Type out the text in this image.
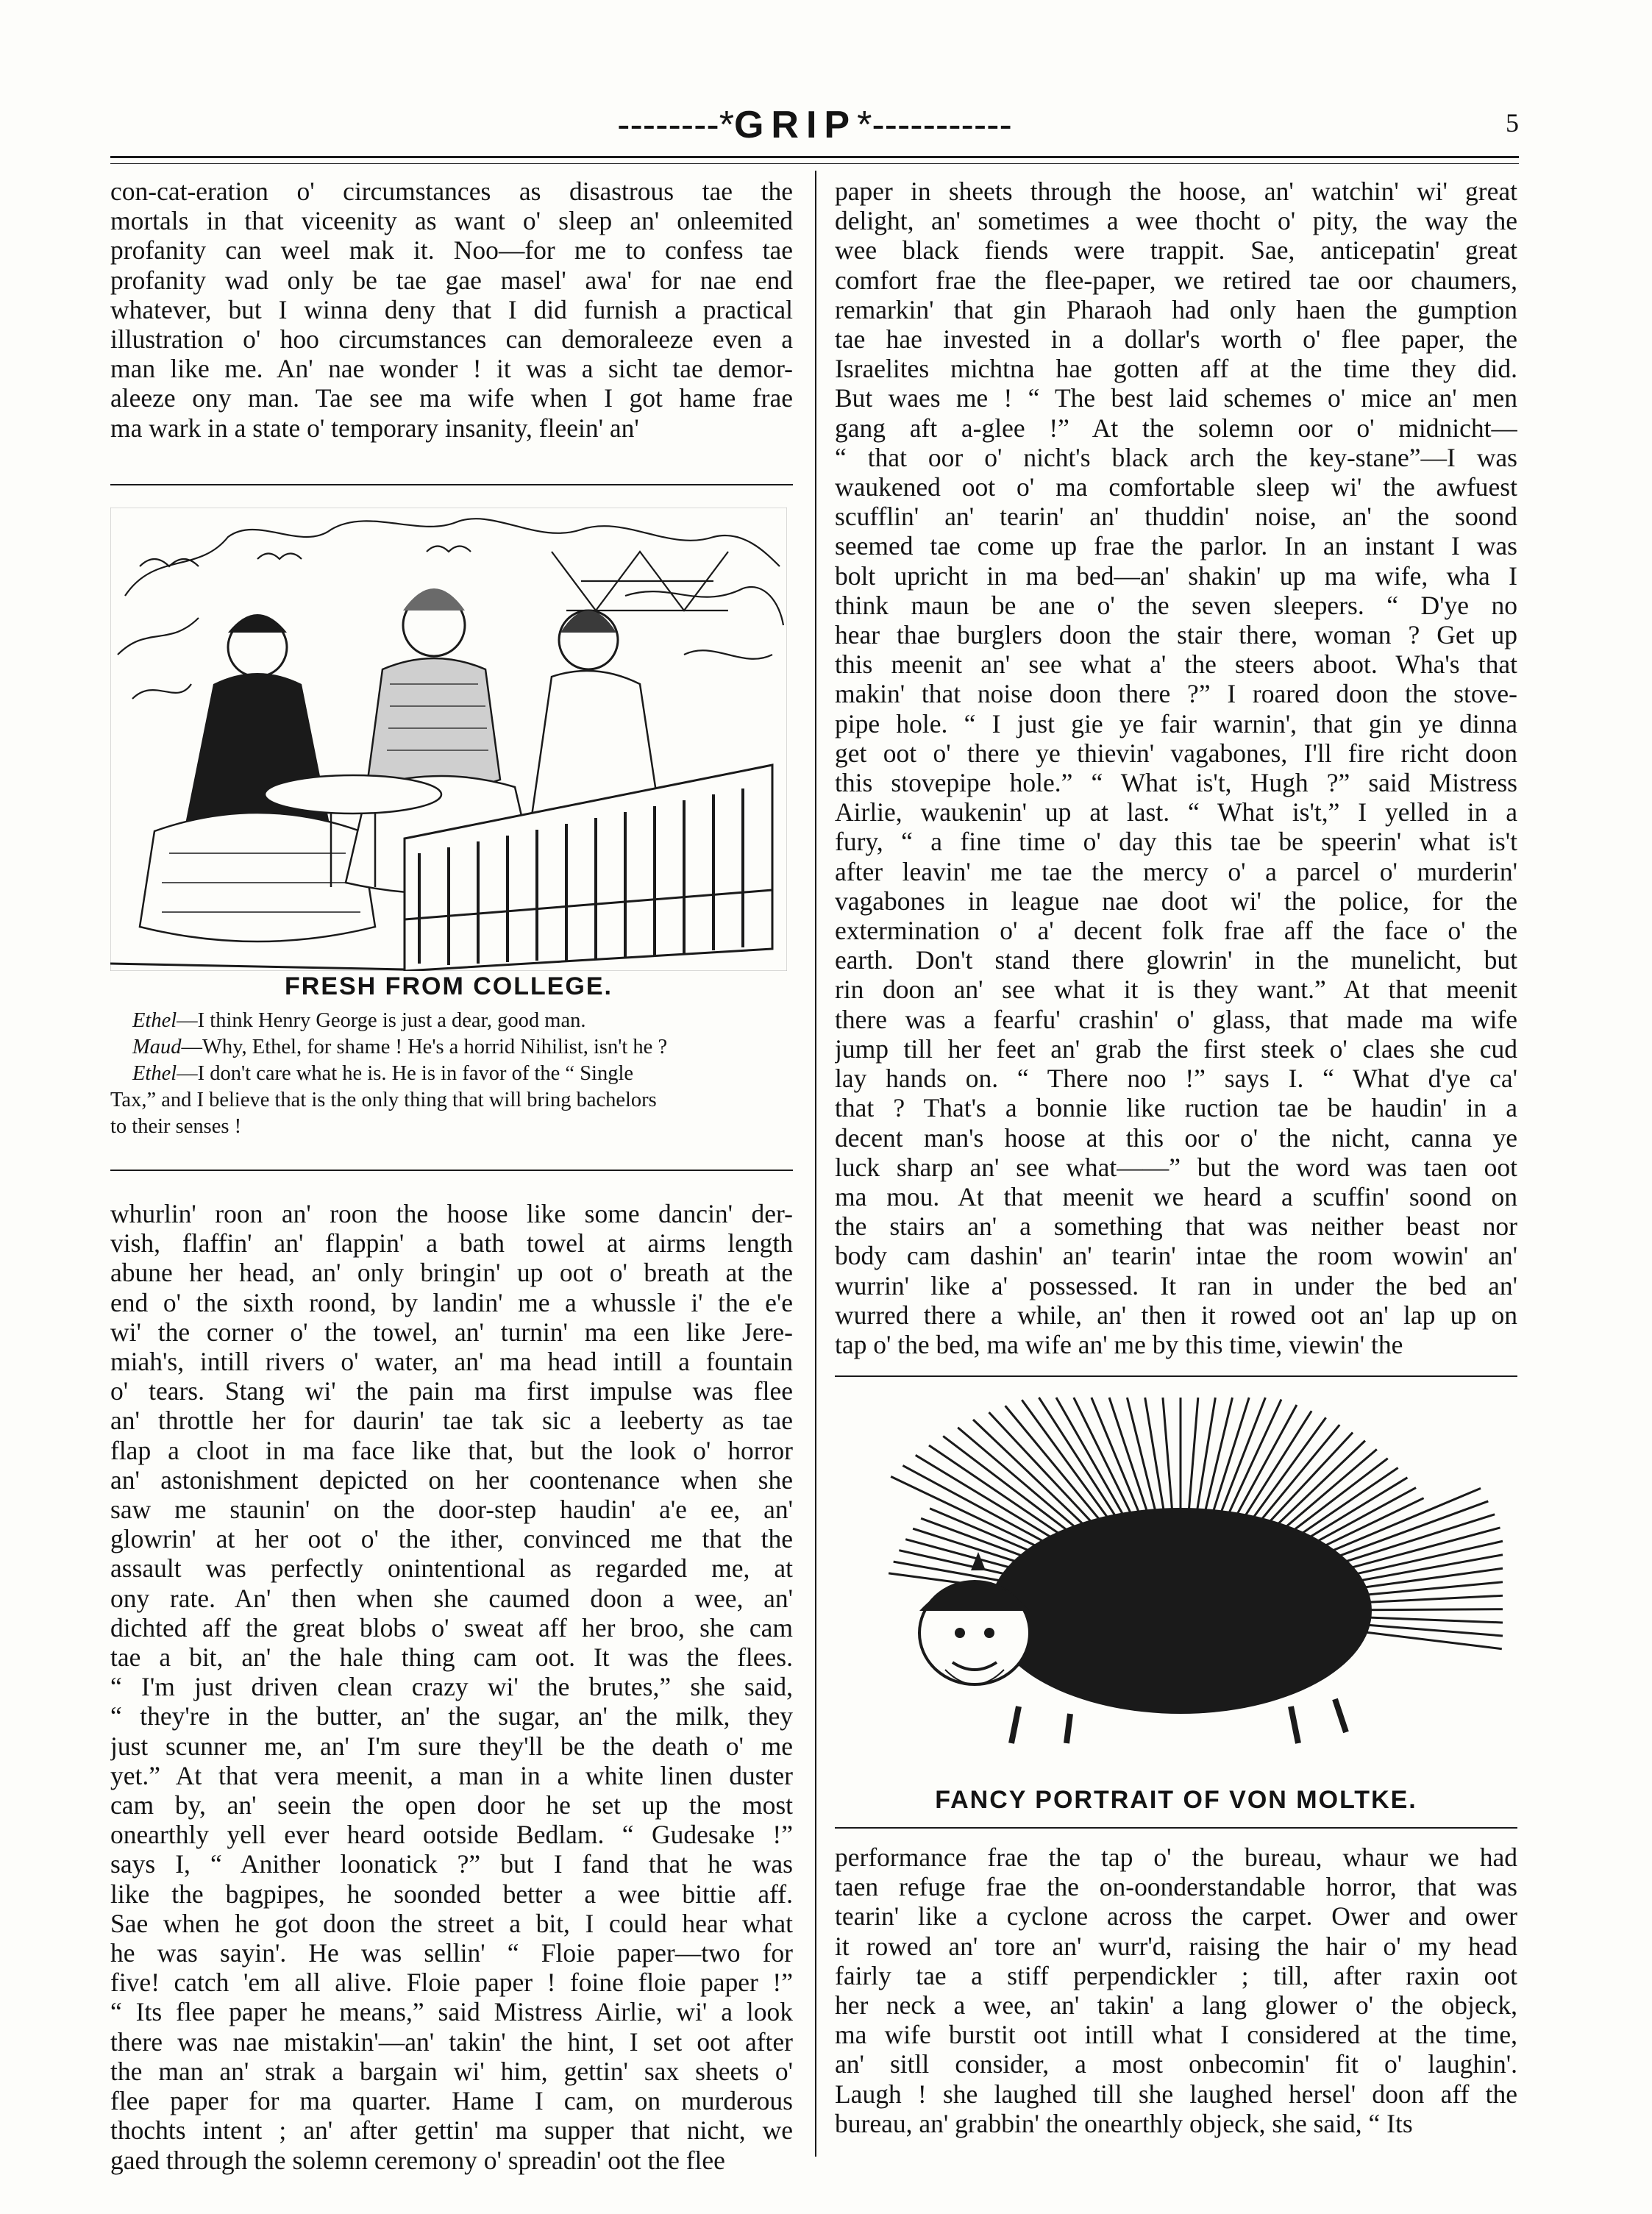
--------*GRIP*-----------	5
con-cat-eration o' circumstances as disastrous tae the
mortals in that viceenity as want o' sleep an' onleemited
profanity can weel mak it. Noo—for me to confess tae
profanity wad only be tae gae masel' awa' for nae end
whatever, but I winna deny that I did furnish a practical
illustration o' hoo circumstances can demoraleeze even a
man like me. An' nae wonder ! it was a sicht tae demor-
aleeze ony man. Tae see ma wife when I got hame frae
ma wark in a state o' temporary insanity, fleein' an'
FRESH FROM COLLEGE.
Ethel—I think Henry George is just a dear, good man.
Maud—Why, Ethel, for shame ! He's a horrid Nihilist, isn't he ?
Ethel—I don't care what he is. He is in favor of the “ Single
Tax,” and I believe that is the only thing that will bring bachelors
to their senses !
whurlin' roon an' roon the hoose like some dancin' der-
vish, flaffin' an' flappin' a bath towel at airms length
abune her head, an' only bringin' up oot o' breath at the
end o' the sixth roond, by landin' me a whussle i' the e'e
wi' the corner o' the towel, an' turnin' ma een like Jere-
miah's, intill rivers o' water, an' ma head intill a fountain
o' tears. Stang wi' the pain ma first impulse was flee
an' throttle her for daurin' tae tak sic a leeberty as tae
flap a cloot in ma face like that, but the look o' horror
an' astonishment depicted on her coontenance when she
saw me staunin' on the door-step haudin' a'e ee, an'
glowrin' at her oot o' the ither, convinced me that the
assault was perfectly onintentional as regarded me, at
ony rate. An' then when she caumed doon a wee, an'
dichted aff the great blobs o' sweat aff her broo, she cam
tae a bit, an' the hale thing cam oot. It was the flees.
“ I'm just driven clean crazy wi' the brutes,” she said,
“ they're in the butter, an' the sugar, an' the milk, they
just scunner me, an' I'm sure they'll be the death o' me
yet.” At that vera meenit, a man in a white linen duster
cam by, an' seein the open door he set up the most
onearthly yell ever heard ootside Bedlam. “ Gudesake !”
says I, “ Anither loonatick ?” but I fand that he was
like the bagpipes, he soonded better a wee bittie aff.
Sae when he got doon the street a bit, I could hear what
he was sayin'. He was sellin' “ Floie paper—two for
five! catch 'em all alive. Floie paper ! foine floie paper !”
“ Its flee paper he means,” said Mistress Airlie, wi' a look
there was nae mistakin'—an' takin' the hint, I set oot after
the man an' strak a bargain wi' him, gettin' sax sheets o'
flee paper for ma quarter. Hame I cam, on murderous
thochts intent ; an' after gettin' ma supper that nicht, we
gaed through the solemn ceremony o' spreadin' oot the flee
paper in sheets through the hoose, an' watchin' wi' great
delight, an' sometimes a wee thocht o' pity, the way the
wee black fiends were trappit. Sae, anticepatin' great
comfort frae the flee-paper, we retired tae oor chaumers,
remarkin' that gin Pharaoh had only haen the gumption
tae hae invested in a dollar's worth o' flee paper, the
Israelites michtna hae gotten aff at the time they did.
But waes me ! “ The best laid schemes o' mice an' men
gang aft a-glee !” At the solemn oor o' midnicht—
“ that oor o' nicht's black arch the key-stane”—I was
waukened oot o' ma comfortable sleep wi' the awfuest
scufflin' an' tearin' an' thuddin' noise, an' the soond
seemed tae come up frae the parlor. In an instant I was
bolt upricht in ma bed—an' shakin' up ma wife, wha I
think maun be ane o' the seven sleepers. “ D'ye no
hear thae burglers doon the stair there, woman ? Get up
this meenit an' see what a' the steers aboot. Wha's that
makin' that noise doon there ?” I roared doon the stove-
pipe hole. “ I just gie ye fair warnin', that gin ye dinna
get oot o' there ye thievin' vagabones, I'll fire richt doon
this stovepipe hole.” “ What is't, Hugh ?” said Mistress
Airlie, waukenin' up at last. “ What is't,” I yelled in a
fury, “ a fine time o' day this tae be speerin' what is't
after leavin' me tae the mercy o' a parcel o' murderin'
vagabones in league nae doot wi' the police, for the
extermination o' a' decent folk frae aff the face o' the
earth. Don't stand there glowrin' in the munelicht, but
rin doon an' see what it is they want.” At that meenit
there was a fearfu' crashin' o' glass, that made ma wife
jump till her feet an' grab the first steek o' claes she cud
lay hands on. “ There noo !” says I. “ What d'ye ca'
that ? That's a bonnie like ruction tae be haudin' in a
decent man's hoose at this oor o' the nicht, canna ye
luck sharp an' see what——” but the word was taen oot
ma mou. At that meenit we heard a scuffin' soond on
the stairs an' a something that was neither beast nor
body cam dashin' an' tearin' intae the room wowin' an'
wurrin' like a' possessed. It ran in under the bed an'
wurred there a while, an' then it rowed oot an' lap up on
tap o' the bed, ma wife an' me by this time, viewin' the
FANCY PORTRAIT OF VON MOLTKE.
performance frae the tap o' the bureau, whaur we had
taen refuge frae the on-oonderstandable horror, that was
tearin' like a cyclone across the carpet. Ower and ower
it rowed an' tore an' wurr'd, raising the hair o' my head
fairly tae a stiff perpendickler ; till, after raxin oot
her neck a wee, an' takin' a lang glower o' the objeck,
ma wife burstit oot intill what I considered at the time,
an' sitll consider, a most onbecomin' fit o' laughin'.
Laugh ! she laughed till she laughed hersel' doon aff the
bureau, an' grabbin' the onearthly objeck, she said, “ Its
